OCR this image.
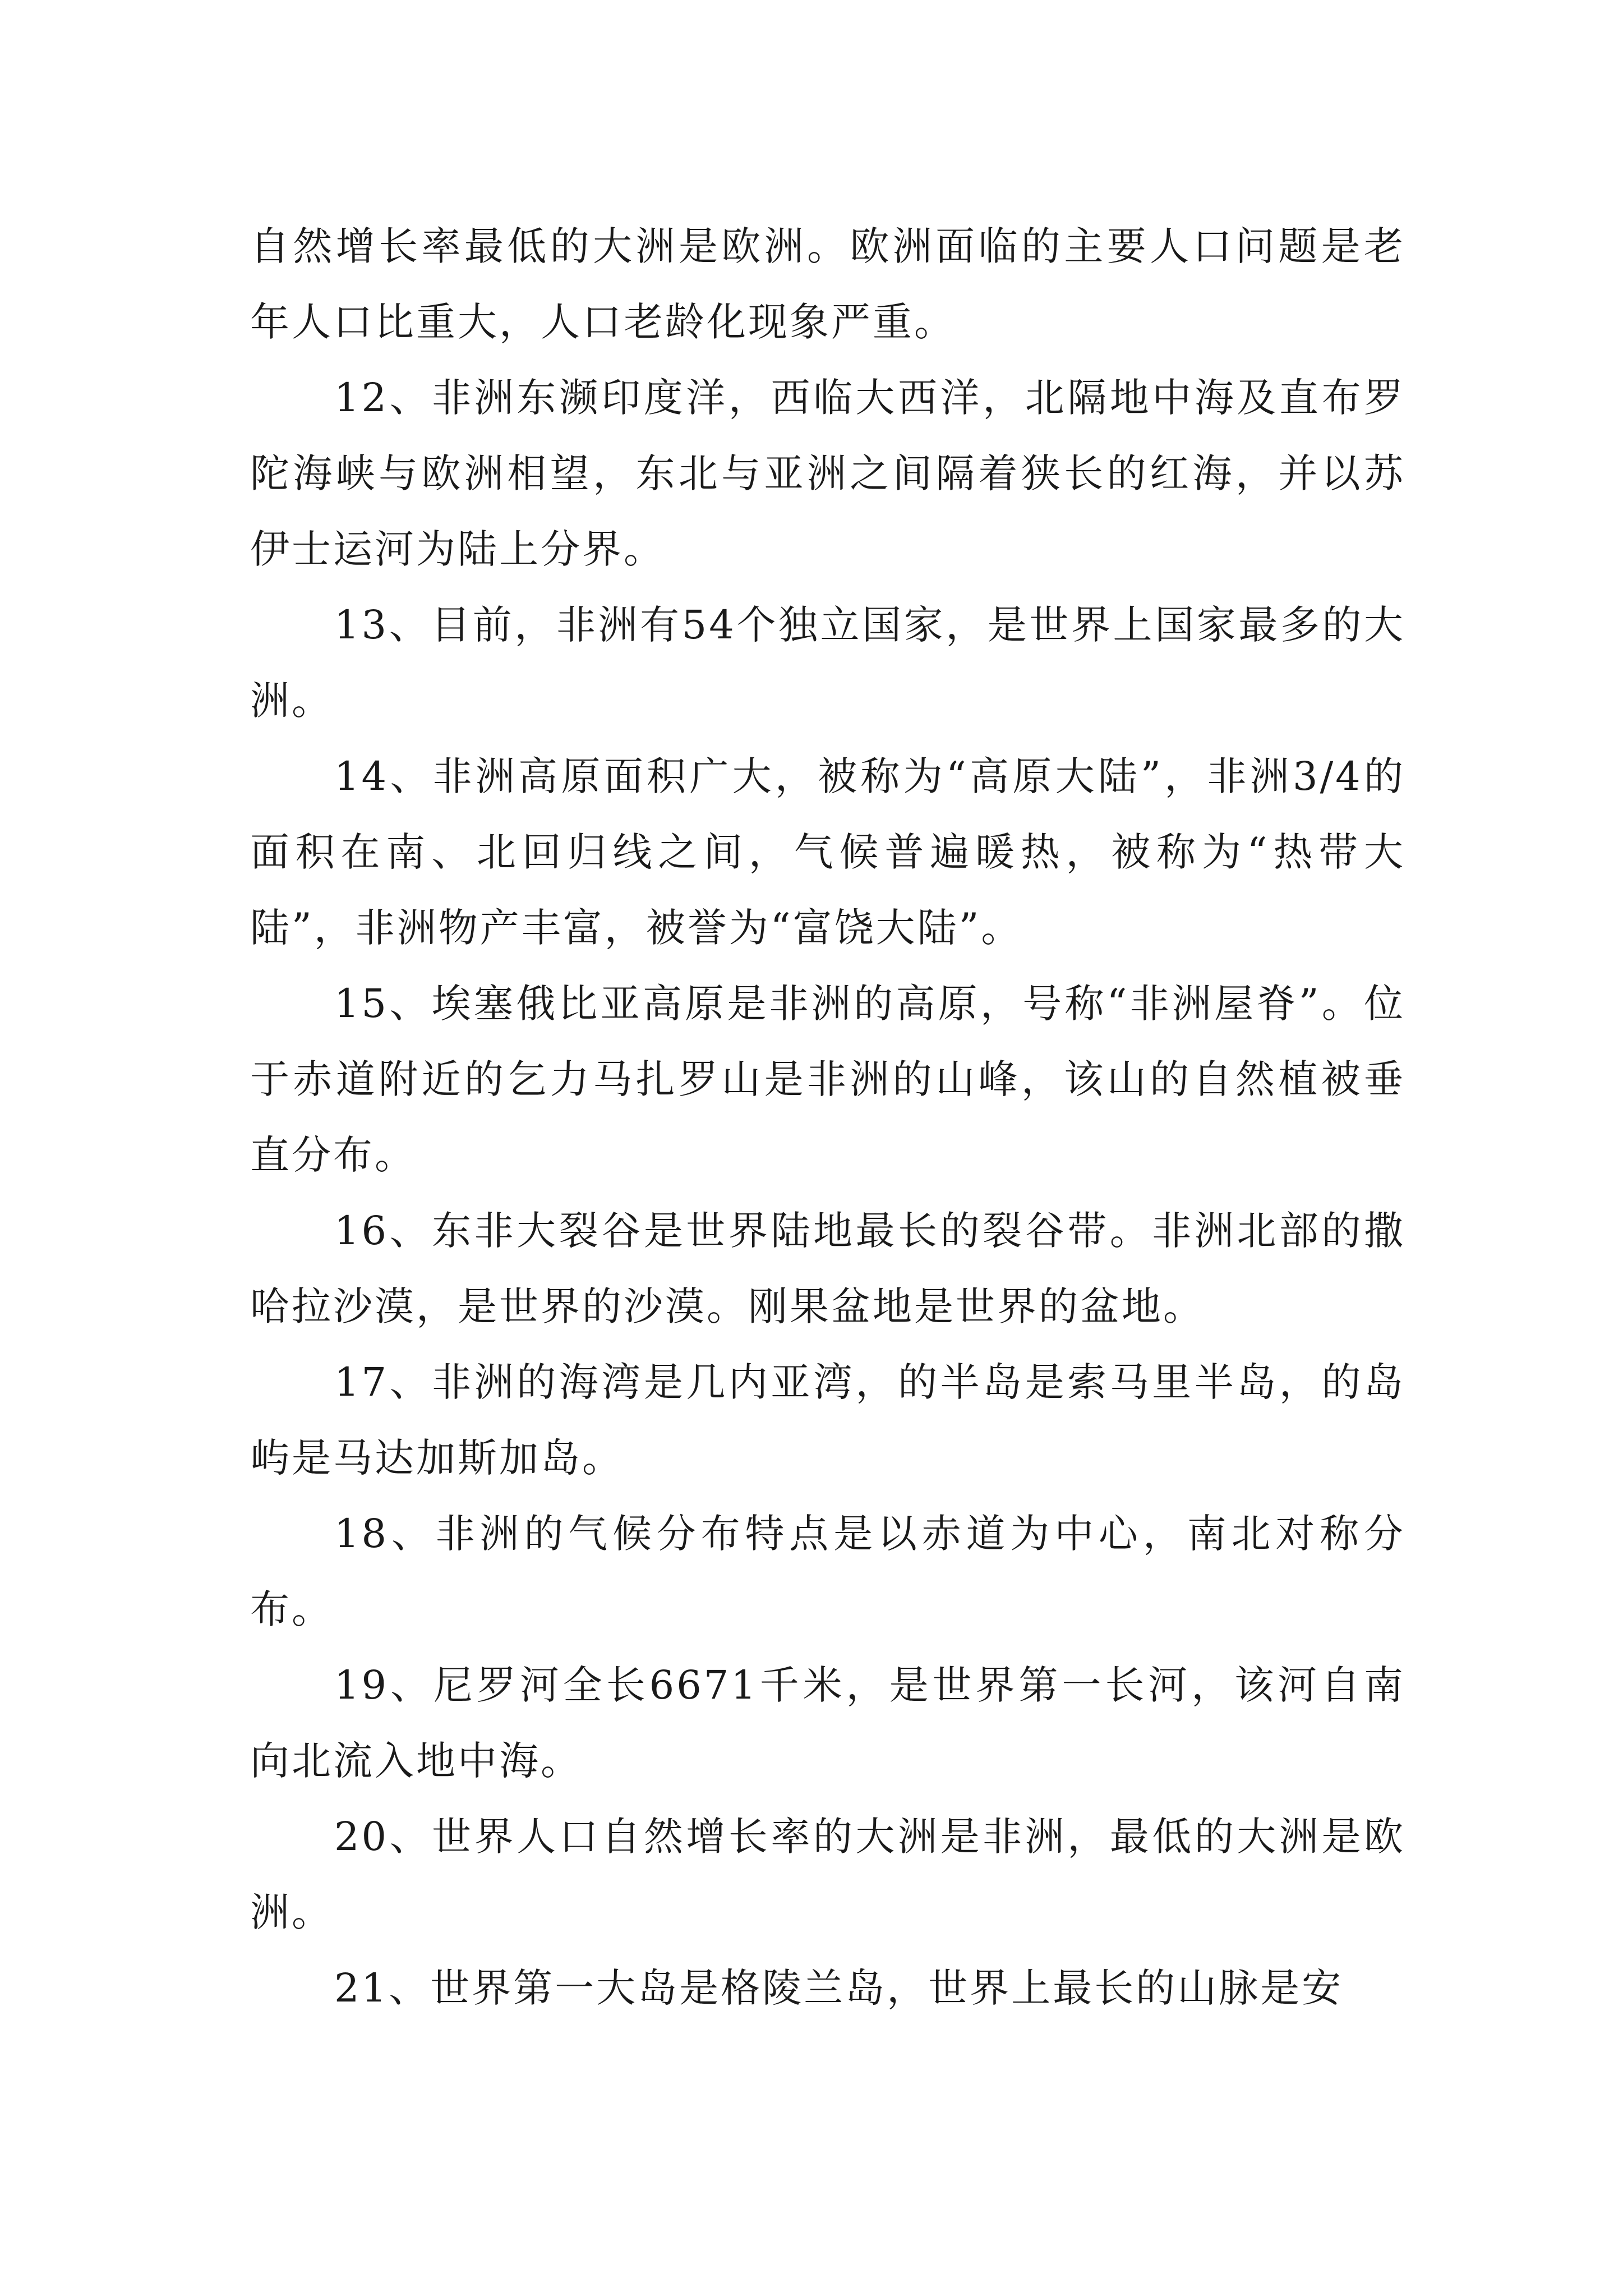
自然增长率最低的大洲是欧洲。欧洲面临的主要人口问题是老年人口比重大，人口老龄化现象严重。

12、非洲东濒印度洋，西临大西洋，北隔地中海及直布罗陀海峡与欧洲相望，东北与亚洲之间隔着狭长的红海，并以苏伊士运河为陆上分界。

13、目前，非洲有54个独立国家，是世界上国家最多的大洲。

14、非洲高原面积广大，被称为“高原大陆”，非洲3/4的面积在南、北回归线之间，气候普遍暖热，被称为“热带大陆”，非洲物产丰富，被誉为“富饶大陆”。

15、埃塞俄比亚高原是非洲的高原，号称“非洲屋脊”。位于赤道附近的乞力马扎罗山是非洲的山峰，该山的自然植被垂直分布。

16、东非大裂谷是世界陆地最长的裂谷带。非洲北部的撒哈拉沙漠，是世界的沙漠。刚果盆地是世界的盆地。

17、非洲的海湾是几内亚湾，的半岛是索马里半岛，的岛屿是马达加斯加岛。

18、非洲的气候分布特点是以赤道为中心，南北对称分布。

19、尼罗河全长6671千米，是世界第一长河，该河自南向北流入地中海。

20、世界人口自然增长率的大洲是非洲，最低的大洲是欧洲。

21、世界第一大岛是格陵兰岛，世界上最长的山脉是安
